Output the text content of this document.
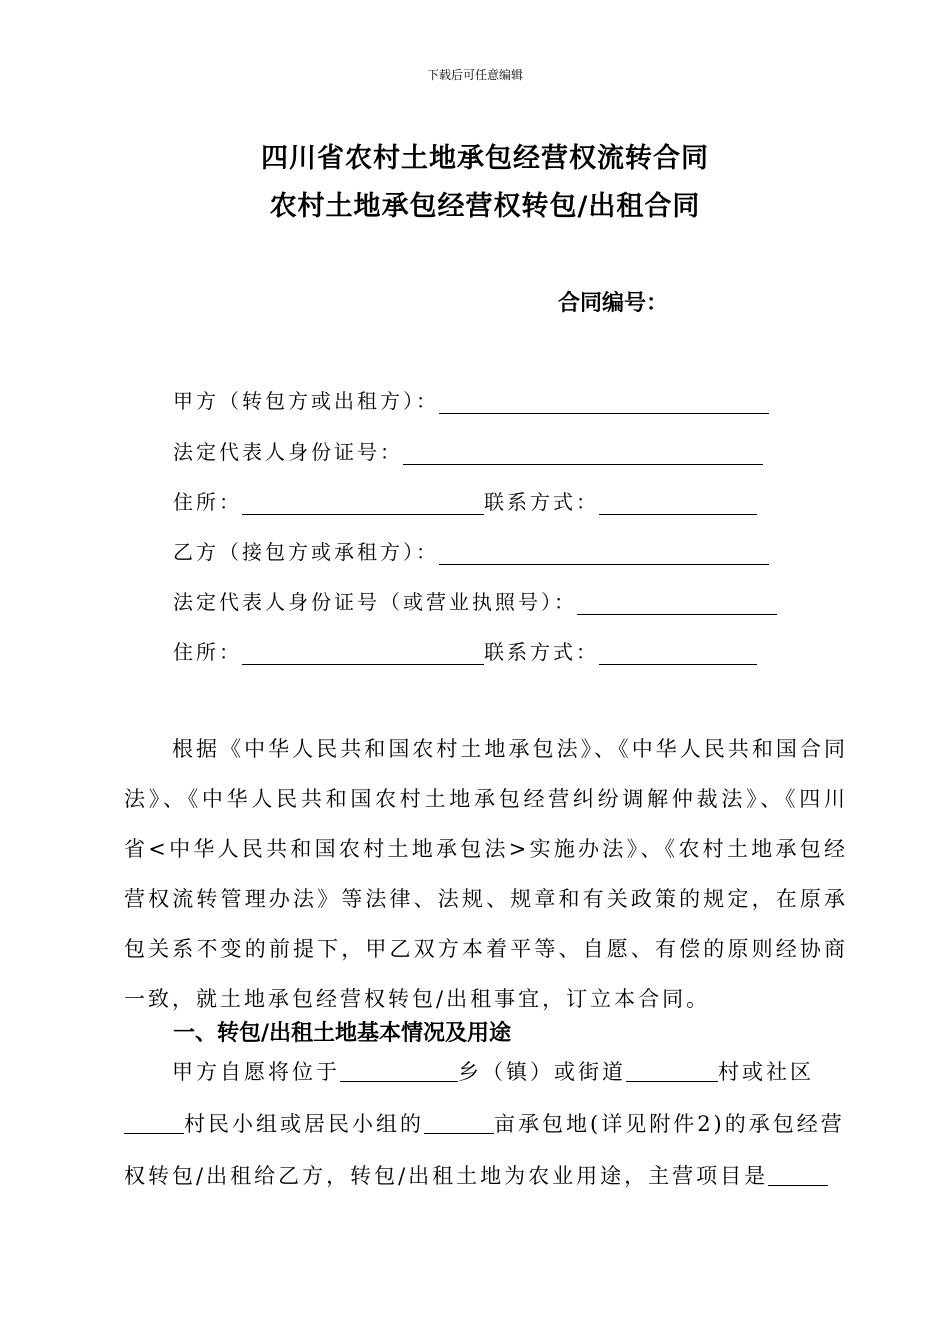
下载后可任意编辑
四川省农村土地承包经营权流转合同
农村土地承包经营权转包/出租合同
合同编号：
甲方（转包方或出租方）：
法定代表人身份证号：
住所：	联系方式：
乙方（接包方或承租方）：
法定代表人身份证号（或营业执照号）：
住所：	联系方式：
根据《中华人民共和国农村土地承包法》、《中华人民共和国合同法》、《中华人民共和国农村土地承包经营纠纷调解仲裁法》、《四川省<中华人民共和国农村土地承包法>实施办法》、《农村土地承包经营权流转管理办法》等法律、法规、规章和有关政策的规定，在原承包关系不变的前提下，甲乙双方本着平等、自愿、有偿的原则经协商一致，就土地承包经营权转包/出租事宜，订立本合同。
一、转包/出租土地基本情况及用途
甲方自愿将位于	乡（镇）或街道	村或社区村民小组或居民小组的	亩承包地(详见附件2)的承包经营权转包/出租给乙方，转包/出租土地为农业用途，主营项目是
